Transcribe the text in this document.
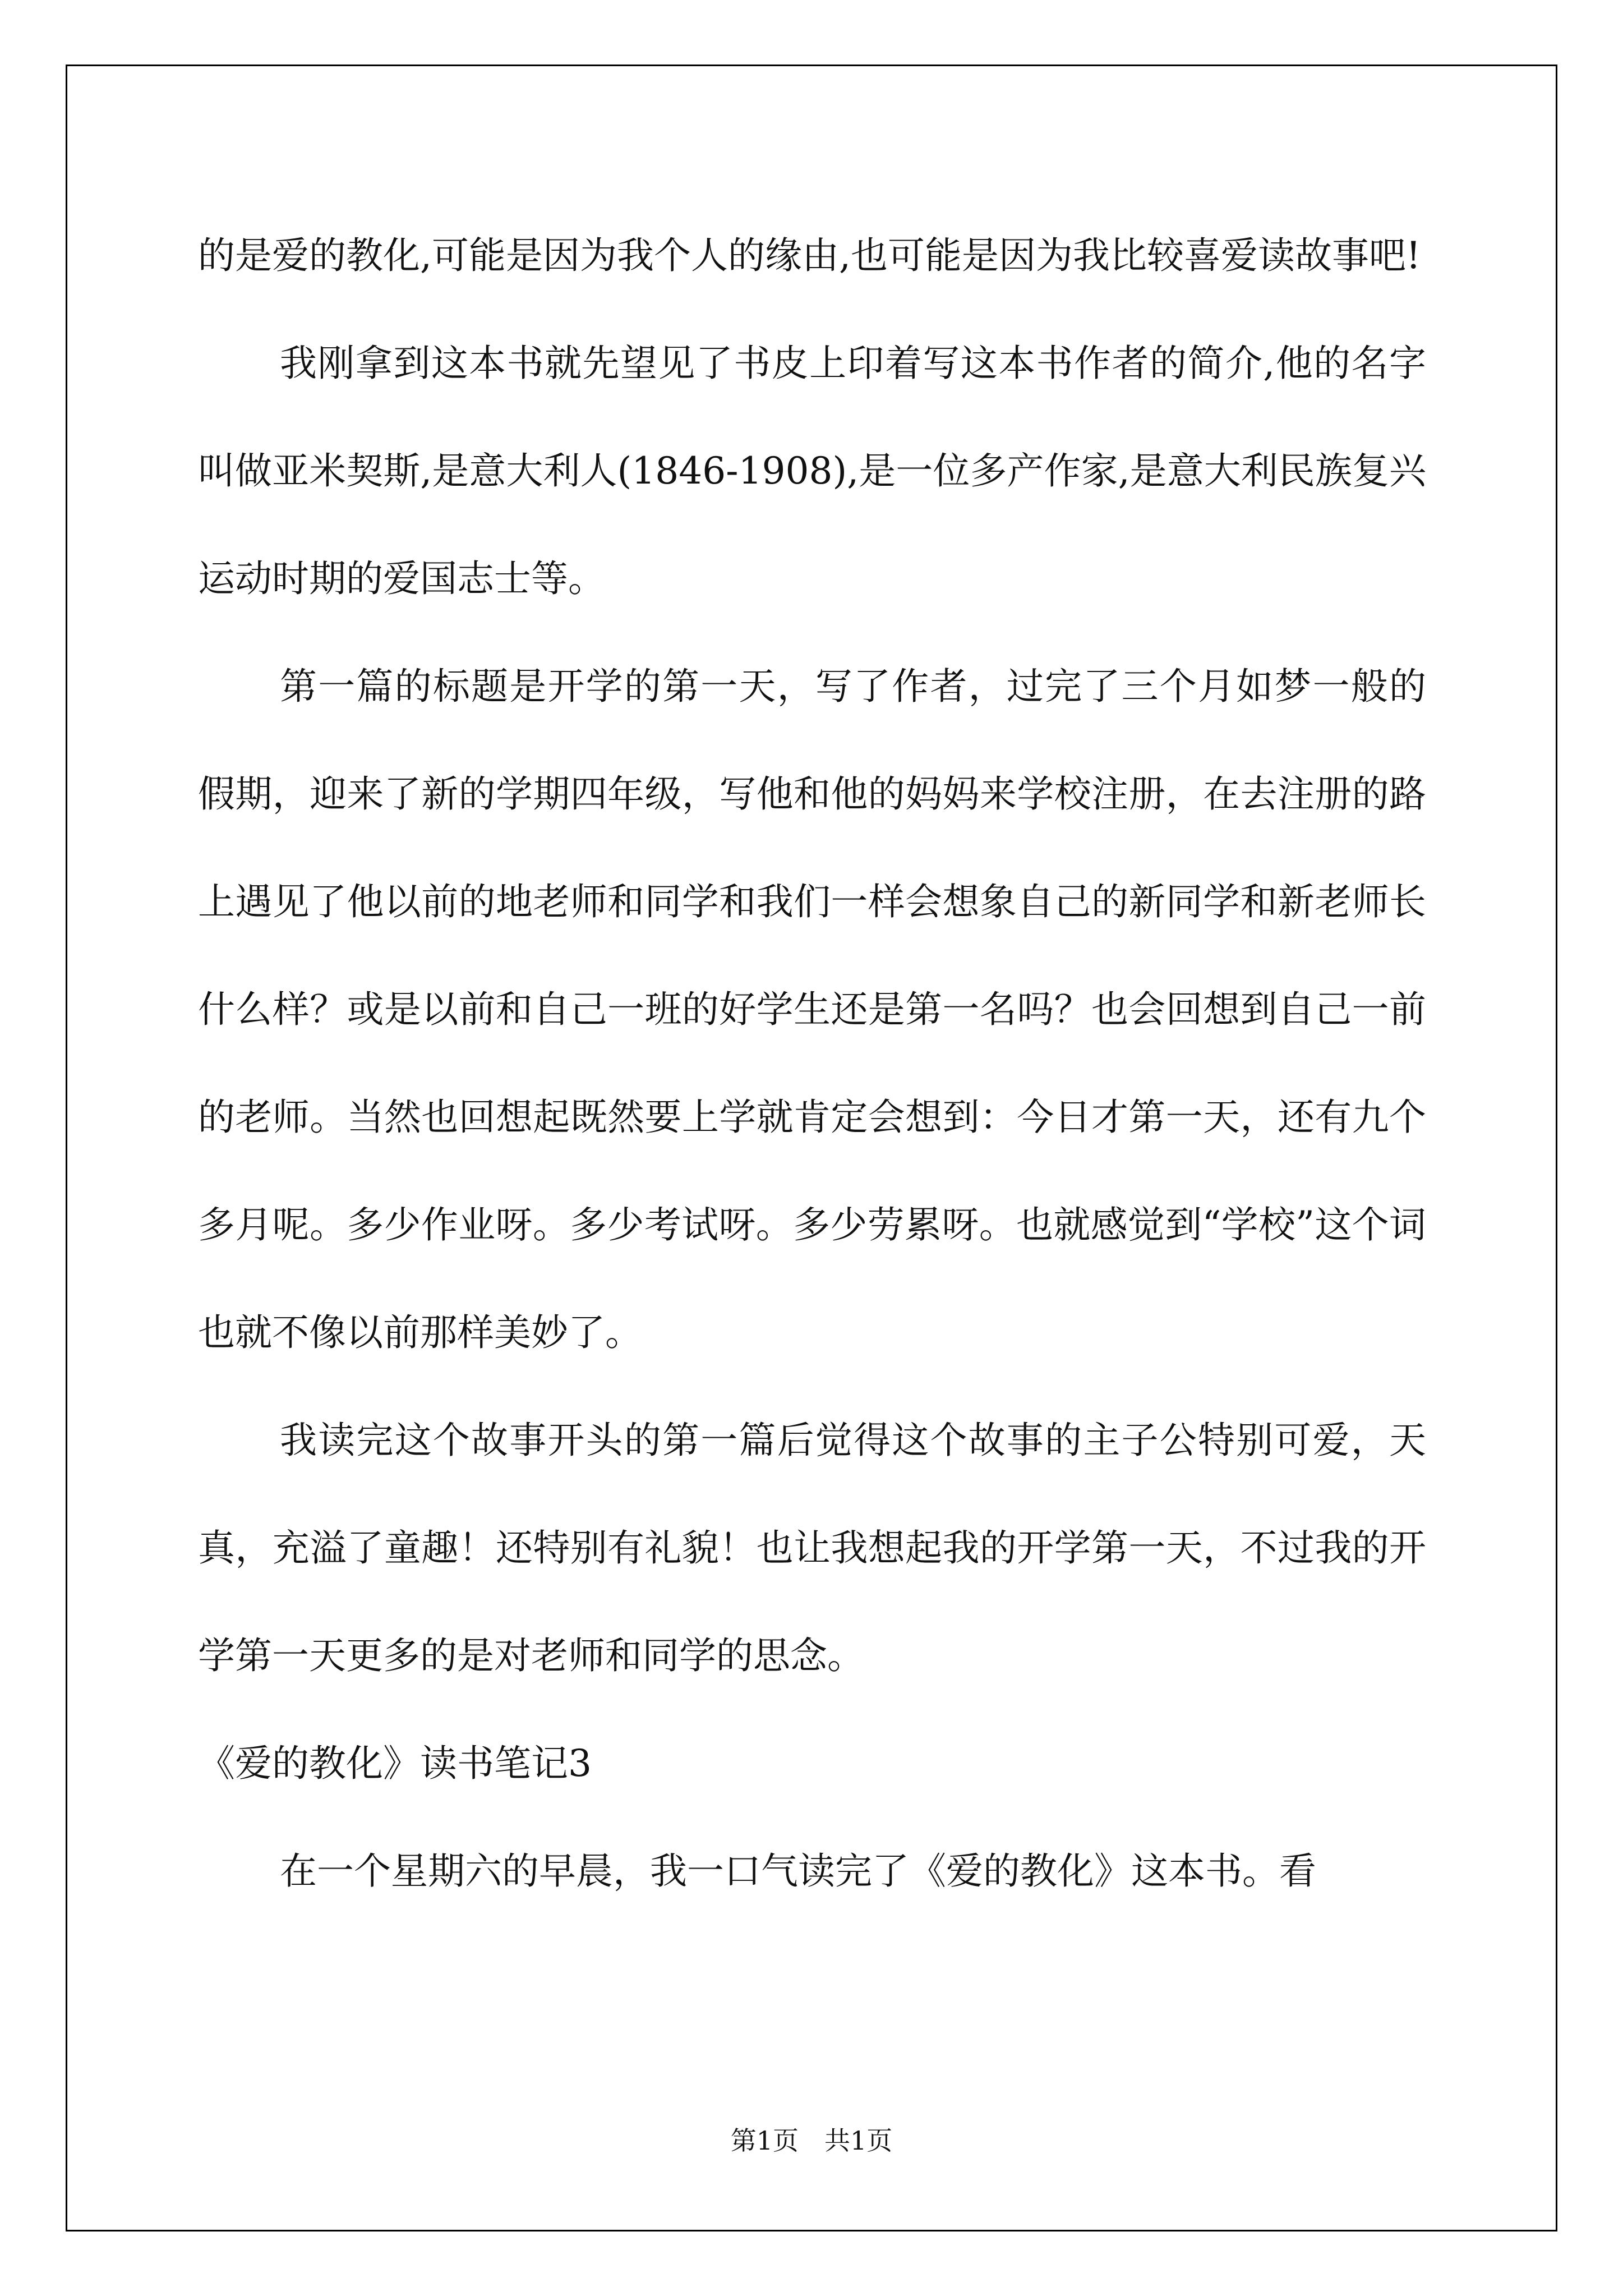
的是爱的教化,可能是因为我个人的缘由,也可能是因为我比较喜爱读故事吧!

我刚拿到这本书就先望见了书皮上印着写这本书作者的简介,他的名字叫做亚米契斯,是意大利人(1846-1908),是一位多产作家,是意大利民族复兴运动时期的爱国志士等。

第一篇的标题是开学的第一天，写了作者，过完了三个月如梦一般的假期，迎来了新的学期四年级，写他和他的妈妈来学校注册，在去注册的路上遇见了他以前的地老师和同学和我们一样会想象自己的新同学和新老师长什么样？或是以前和自己一班的好学生还是第一名吗？也会回想到自己一前的老师。当然也回想起既然要上学就肯定会想到：今日才第一天，还有九个多月呢。多少作业呀。多少考试呀。多少劳累呀。也就感觉到“学校”这个词也就不像以前那样美妙了。

我读完这个故事开头的第一篇后觉得这个故事的主子公特别可爱，天真，充溢了童趣！还特别有礼貌！也让我想起我的开学第一天，不过我的开学第一天更多的是对老师和同学的思念。

《爱的教化》读书笔记3

在一个星期六的早晨，我一口气读完了《爱的教化》这本书。看

第1页　共1页
